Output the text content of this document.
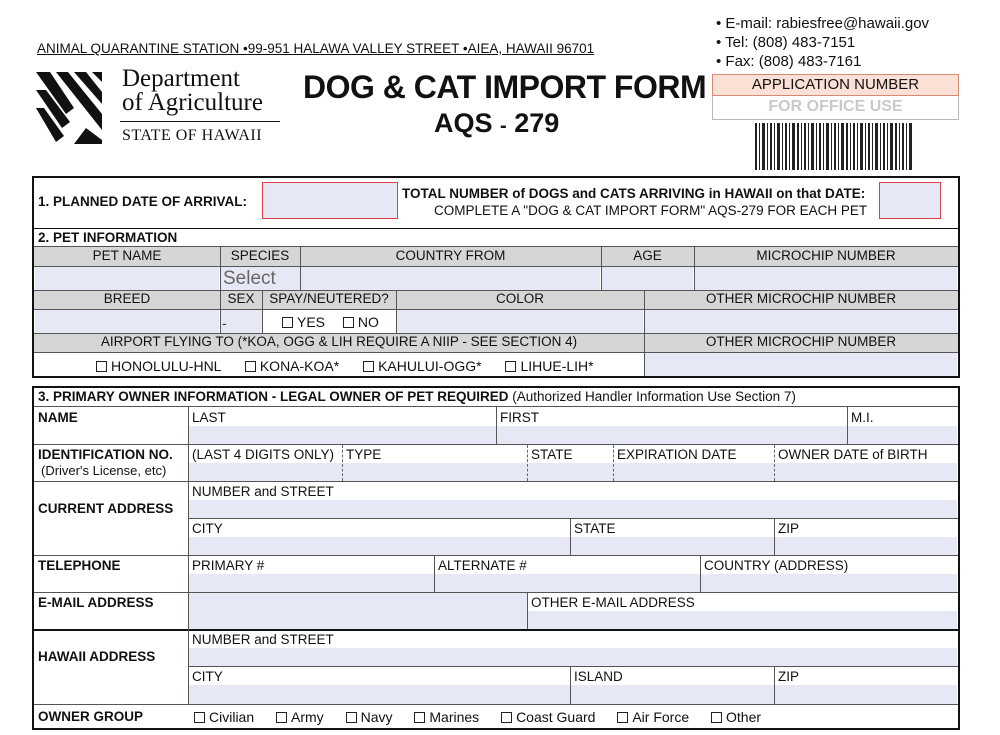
ANIMAL QUARANTINE STATION •99-951 HALAWA VALLEY STREET •AIEA, HAWAII 96701
Department
of Agriculture
STATE OF HAWAII
DOG & CAT IMPORT FORM
AQS - 279
• E-mail: rabiesfree@hawaii.gov
• Tel: (808) 483-7151
• Fax: (808) 483-7161
APPLICATION NUMBER
FOR OFFICE USE
1. PLANNED DATE OF ARRIVAL:
TOTAL NUMBER of DOGS and CATS ARRIVING in HAWAII on that DATE:
COMPLETE A "DOG & CAT IMPORT FORM" AQS-279 FOR EACH PET
2. PET INFORMATION
PET NAME	SPECIES	COUNTRY FROM	AGE	MICROCHIP NUMBER
Select
BREED	SEX	SPAY/NEUTERED?	COLOR	OTHER MICROCHIP NUMBER
-	YES NO
AIRPORT FLYING TO (*KOA, OGG & LIH REQUIRE A NIIP - SEE SECTION 4)	OTHER MICROCHIP NUMBER
HONOLULU-HNL	KONA-KOA*	KAHULUI-OGG*	LIHUE-LIH*
3. PRIMARY OWNER INFORMATION - LEGAL OWNER OF PET REQUIRED (Authorized Handler Information Use Section 7)
NAME	LAST	FIRST	M.I.
IDENTIFICATION NO.
(Driver's License, etc)
(LAST 4 DIGITS ONLY) TYPE	STATE	EXPIRATION DATE	OWNER DATE of BIRTH
CURRENT ADDRESS
NUMBER and STREET
CITY	STATE	ZIP
TELEPHONE	PRIMARY #	ALTERNATE #	COUNTRY (ADDRESS)
E-MAIL ADDRESS	OTHER E-MAIL ADDRESS
HAWAII ADDRESS
NUMBER and STREET
CITY	ISLAND	ZIP
OWNER GROUP	Civilian	Army	Navy	Marines	Coast Guard	Air Force	Other
